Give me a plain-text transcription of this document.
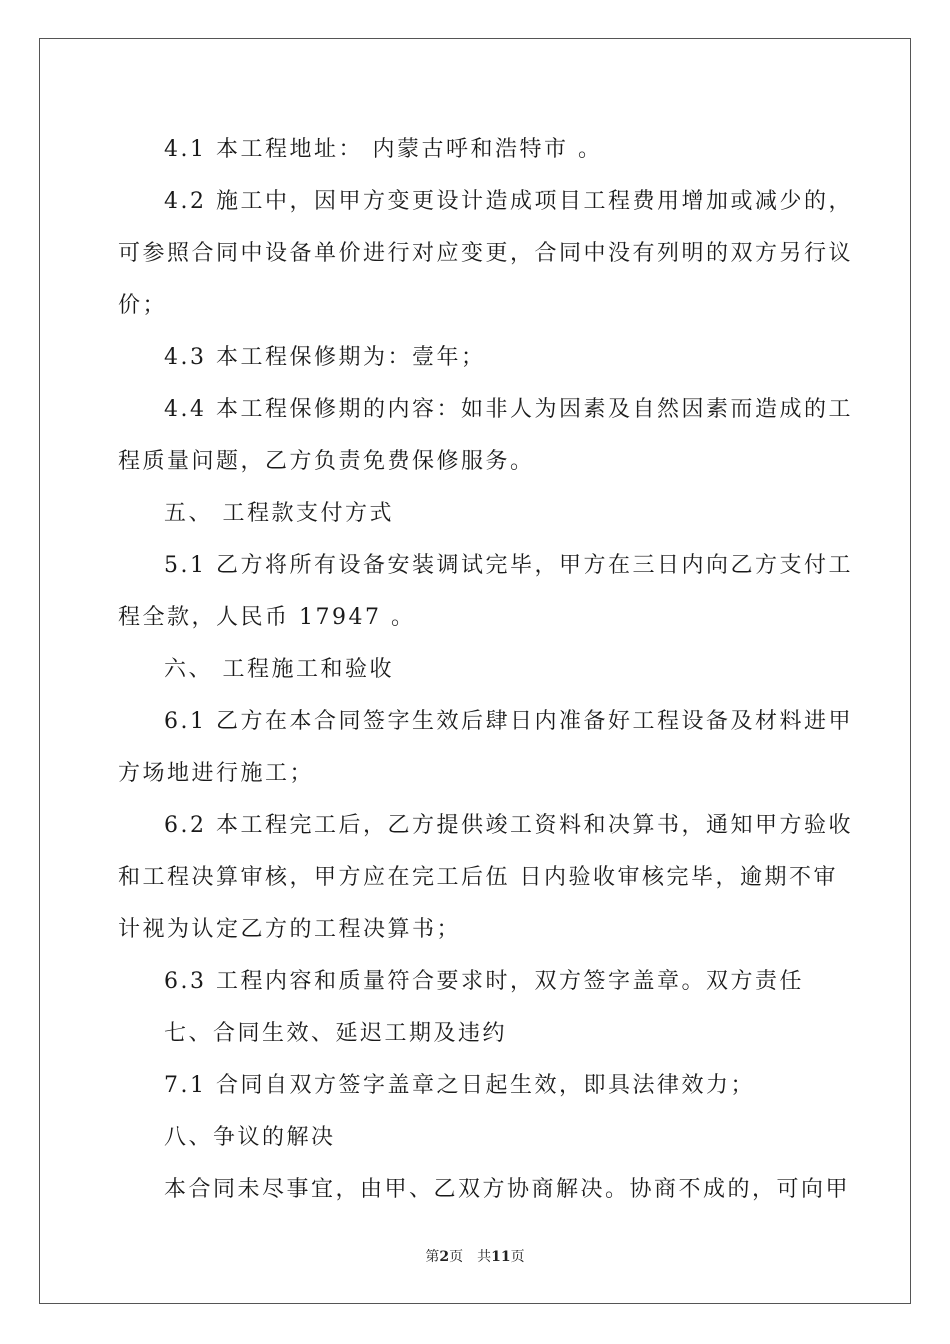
4.1 本工程地址： 内蒙古呼和浩特市 。
4.2 施工中，因甲方变更设计造成项目工程费用增加或减少的，
可参照合同中设备单价进行对应变更，合同中没有列明的双方另行议
价；
4.3 本工程保修期为：壹年；
4.4 本工程保修期的内容：如非人为因素及自然因素而造成的工
程质量问题，乙方负责免费保修服务。
五、 工程款支付方式
5.1 乙方将所有设备安装调试完毕，甲方在三日内向乙方支付工
程全款，人民币 17947 。
六、 工程施工和验收
6.1 乙方在本合同签字生效后肆日内准备好工程设备及材料进甲
方场地进行施工；
6.2 本工程完工后，乙方提供竣工资料和决算书，通知甲方验收
和工程决算审核，甲方应在完工后伍 日内验收审核完毕，逾期不审
计视为认定乙方的工程决算书；
6.3 工程内容和质量符合要求时，双方签字盖章。双方责任
七、合同生效、延迟工期及违约
7.1 合同自双方签字盖章之日起生效，即具法律效力；
八、争议的解决
本合同未尽事宜，由甲、乙双方协商解决。协商不成的，可向甲
第2页 共11页
